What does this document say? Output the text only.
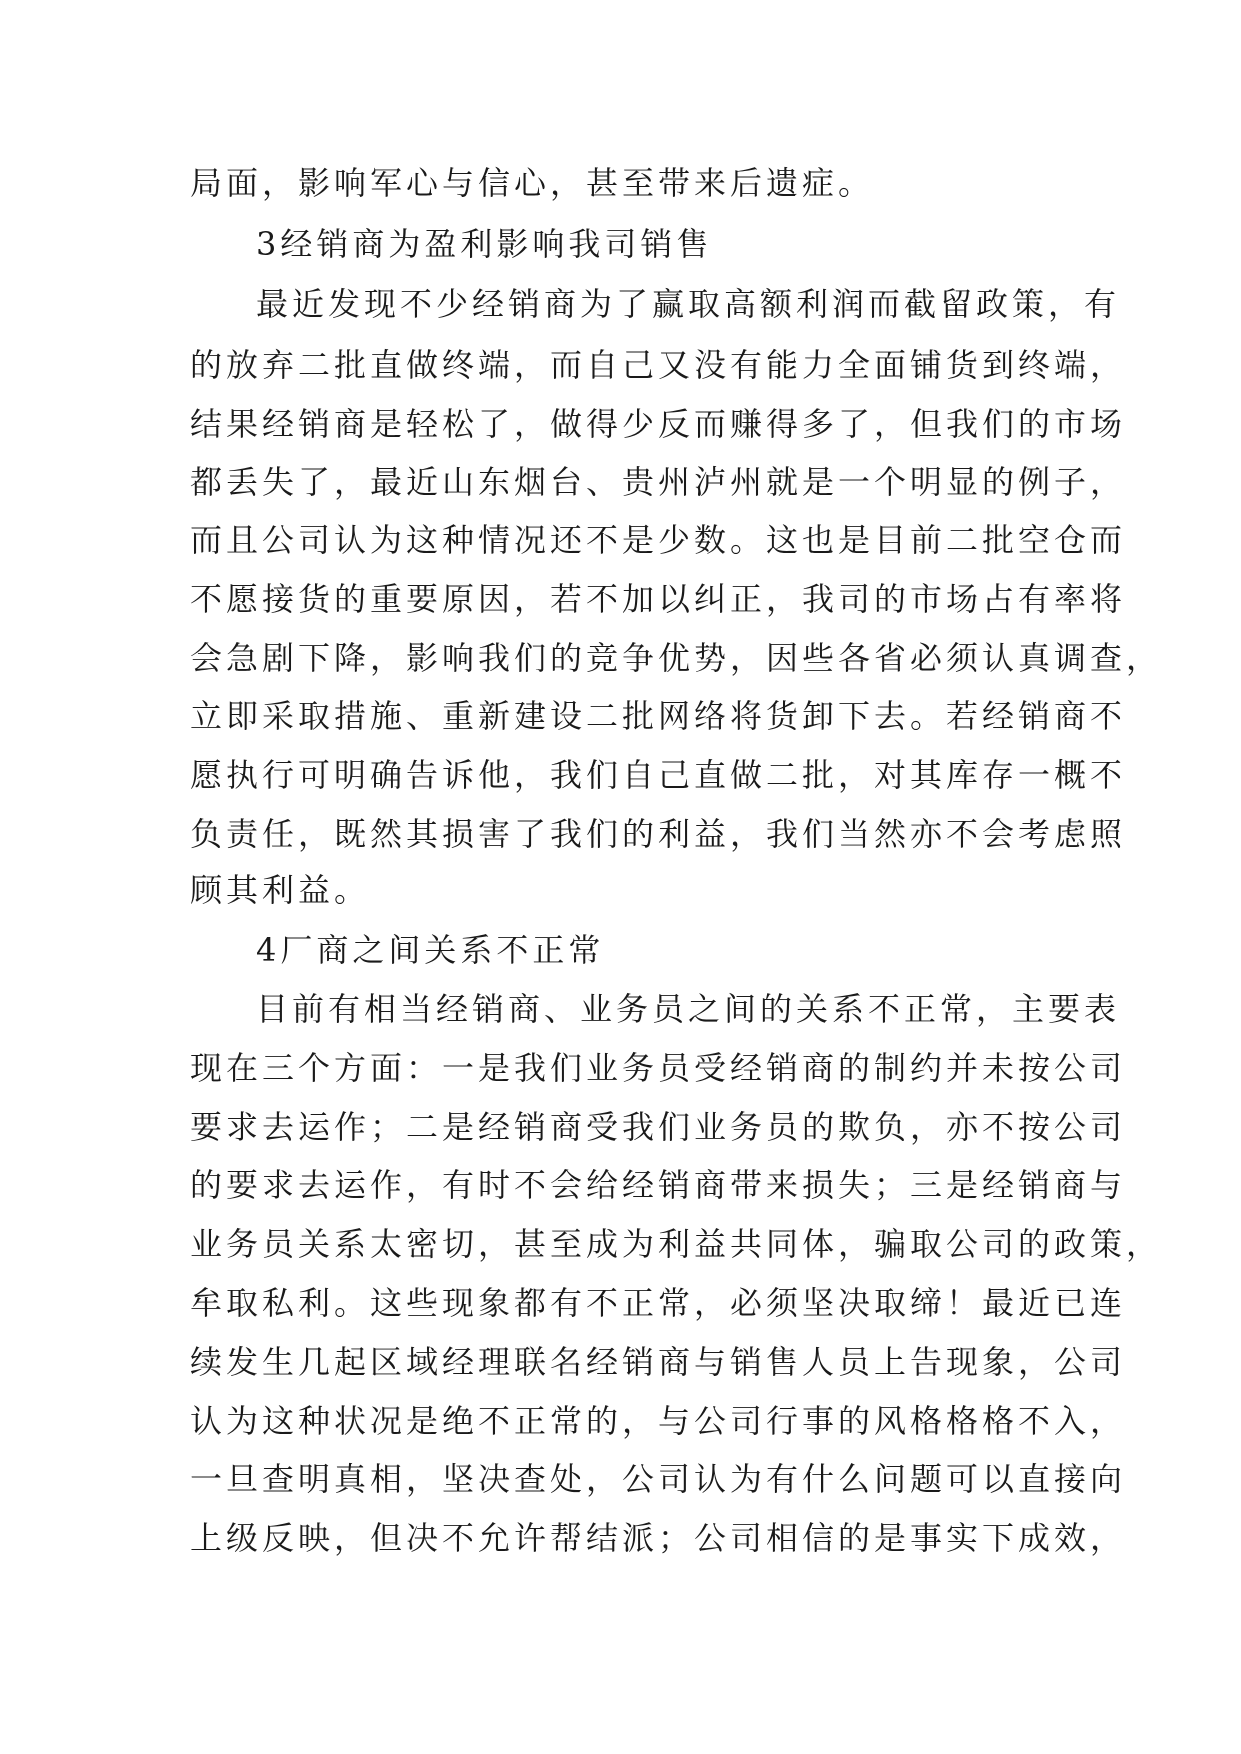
局面，影响军心与信心，甚至带来后遗症。
3经销商为盈利影响我司销售
最近发现不少经销商为了赢取高额利润而截留政策，有
的放弃二批直做终端，而自己又没有能力全面铺货到终端，
结果经销商是轻松了，做得少反而赚得多了，但我们的市场
都丢失了，最近山东烟台、贵州泸州就是一个明显的例子，
而且公司认为这种情况还不是少数。这也是目前二批空仓而
不愿接货的重要原因，若不加以纠正，我司的市场占有率将
会急剧下降，影响我们的竞争优势，因些各省必须认真调查，
立即采取措施、重新建设二批网络将货卸下去。若经销商不
愿执行可明确告诉他，我们自己直做二批，对其库存一概不
负责任，既然其损害了我们的利益，我们当然亦不会考虑照
顾其利益。
4厂商之间关系不正常
目前有相当经销商、业务员之间的关系不正常，主要表
现在三个方面：一是我们业务员受经销商的制约并未按公司
要求去运作；二是经销商受我们业务员的欺负，亦不按公司
的要求去运作，有时不会给经销商带来损失；三是经销商与
业务员关系太密切，甚至成为利益共同体，骗取公司的政策，
牟取私利。这些现象都有不正常，必须坚决取缔！最近已连
续发生几起区域经理联名经销商与销售人员上告现象，公司
认为这种状况是绝不正常的，与公司行事的风格格格不入，
一旦查明真相，坚决查处，公司认为有什么问题可以直接向
上级反映，但决不允许帮结派；公司相信的是事实下成效，
